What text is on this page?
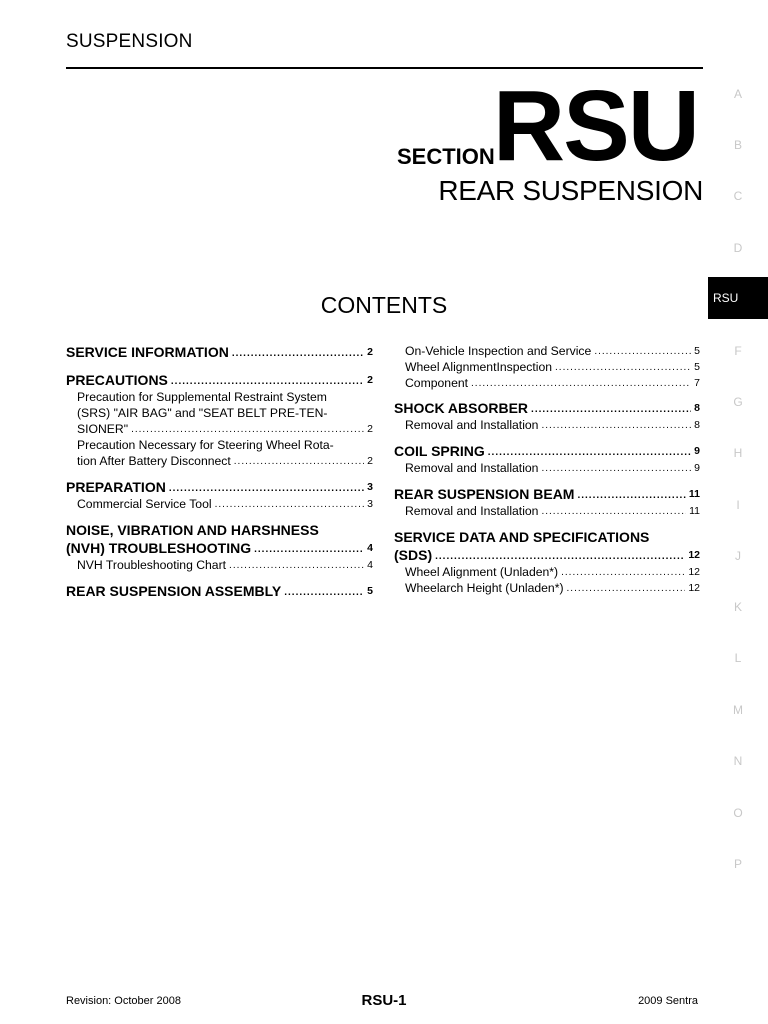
SUSPENSION
SECTION
RSU
REAR SUSPENSION
CONTENTS
SERVICE INFORMATION .....	2
PRECAUTIONS .....	2
Precaution for Supplemental Restraint System
(SRS) "AIR BAG" and "SEAT BELT PRE-TEN-
SIONER" .....	2
Precaution Necessary for Steering Wheel Rota-
tion After Battery Disconnect .....	2
PREPARATION .....	3
Commercial Service Tool .....	3
NOISE, VIBRATION AND HARSHNESS
(NVH) TROUBLESHOOTING .....	4
NVH Troubleshooting Chart .....	4
REAR SUSPENSION ASSEMBLY .....	5
On-Vehicle Inspection and Service .....	5
Wheel AlignmentInspection .....	5
Component .....	7
SHOCK ABSORBER .....	8
Removal and Installation .....	8
COIL SPRING .....	9
Removal and Installation .....	9
REAR SUSPENSION BEAM .....	11
Removal and Installation .....	11
SERVICE DATA AND SPECIFICATIONS
(SDS) .....	12
Wheel Alignment (Unladen*) .....	12
Wheelarch Height (Unladen*) .....	12
A
B
C
D
RSU
F
G
H
I
J
K
L
M
N
O
P
Revision: October 2008	RSU-1	2009 Sentra
